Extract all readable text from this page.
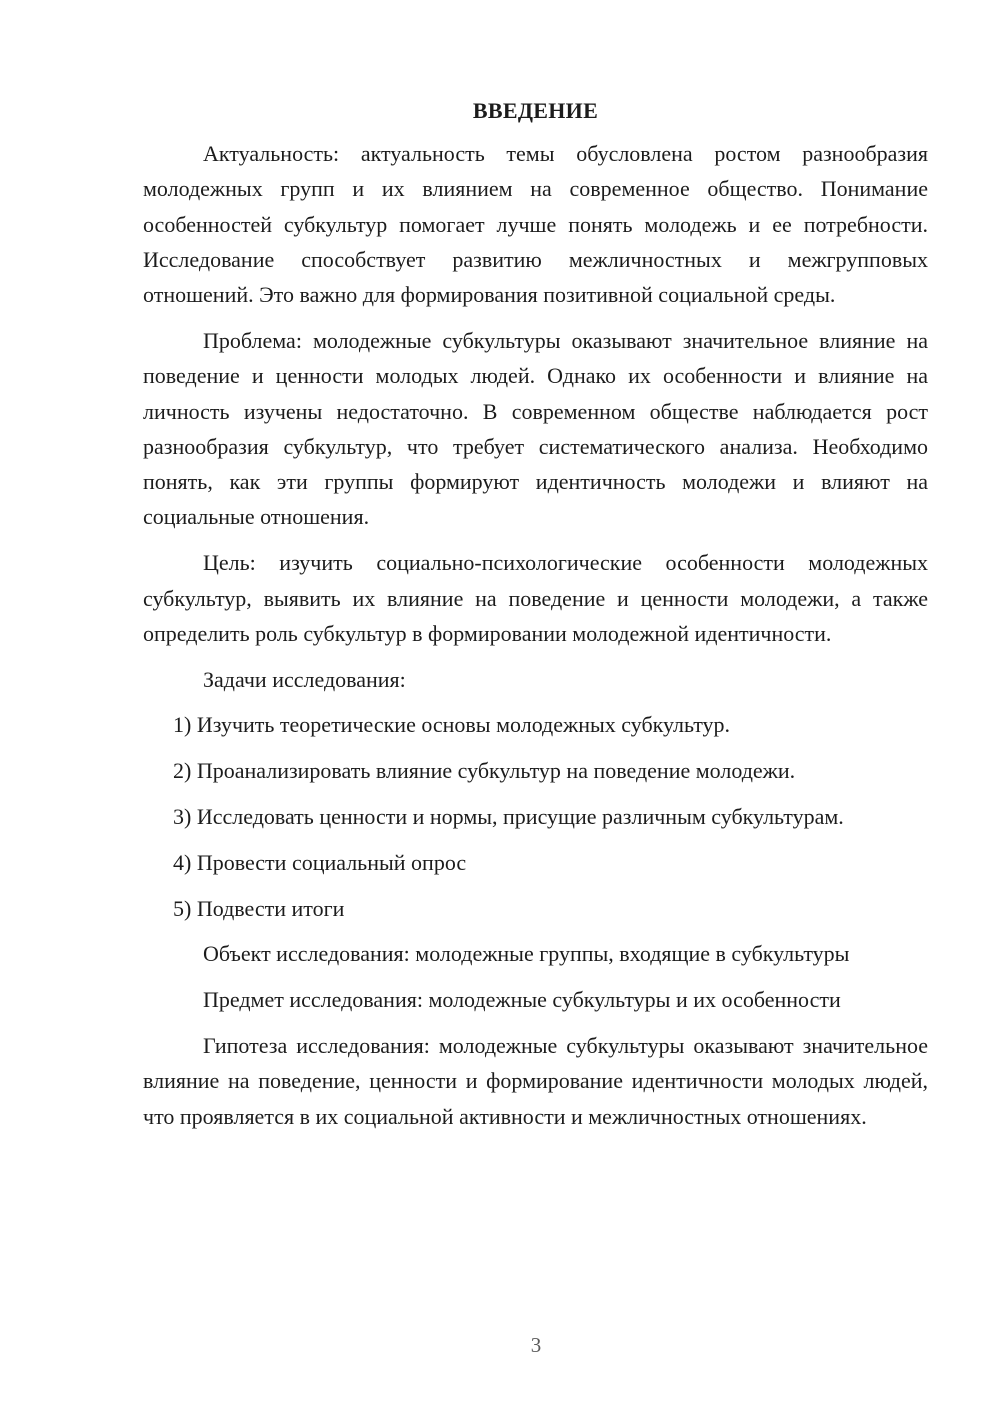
ВВЕДЕНИЕ

Актуальность: актуальность темы обусловлена ростом разнообразия молодежных групп и их влиянием на современное общество. Понимание особенностей субкультур помогает лучше понять молодежь и ее потребности. Исследование способствует развитию межличностных и межгрупповых отношений. Это важно для формирования позитивной социальной среды.

Проблема: молодежные субкультуры оказывают значительное влияние на поведение и ценности молодых людей. Однако их особенности и влияние на личность изучены недостаточно. В современном обществе наблюдается рост разнообразия субкультур, что требует систематического анализа. Необходимо понять, как эти группы формируют идентичность молодежи и влияют на социальные отношения.

Цель: изучить социально-психологические особенности молодежных субкультур, выявить их влияние на поведение и ценности молодежи, а также определить роль субкультур в формировании молодежной идентичности.

Задачи исследования:

1) Изучить теоретические основы молодежных субкультур.

2) Проанализировать влияние субкультур на поведение молодежи.

3) Исследовать ценности и нормы, присущие различным субкультурам.

4) Провести социальный опрос

5) Подвести итоги

Объект исследования: молодежные группы, входящие в субкультуры

Предмет исследования: молодежные субкультуры и их особенности

Гипотеза исследования: молодежные субкультуры оказывают значительное влияние на поведение, ценности и формирование идентичности молодых людей, что проявляется в их социальной активности и межличностных отношениях.

3
